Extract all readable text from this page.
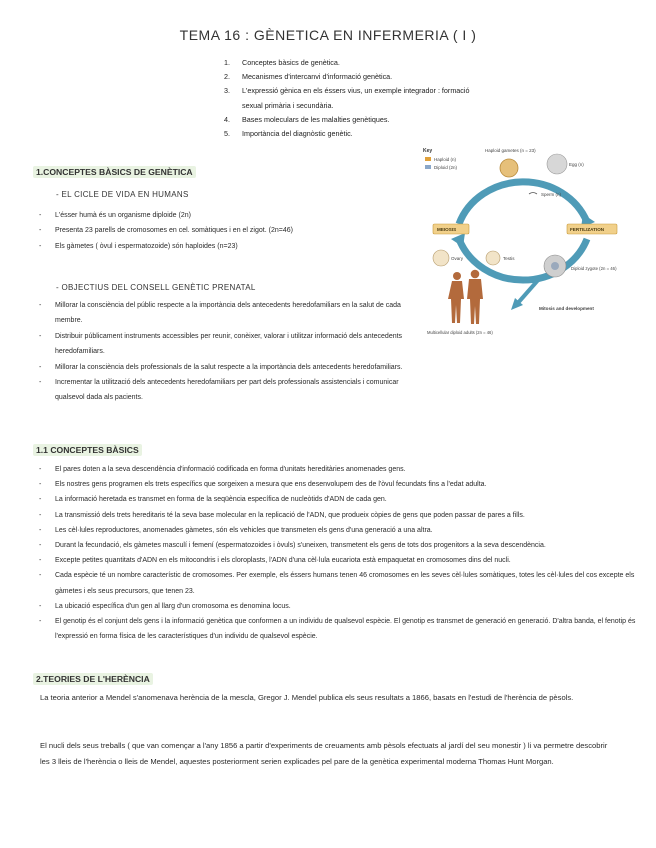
TEMA 16 : GÈNETICA EN INFERMERIA ( I )
1.	Conceptes bàsics de genètica.
2.	Mecanismes d'intercanvi d'informació genètica.
3.	L'expressió gènica en els éssers vius, un exemple integrador : formació sexual primària i secundària.
4.	Bases moleculars de les malalties genètiques.
5.	Importància del diagnòstic genètic.
1.CONCEPTES BÀSICS DE GENÈTICA
- EL CICLE DE VIDA EN HUMANS
- L'ésser humà és un organisme diploide (2n)
- Presenta 23 parells de cromosomes en cel. somàtiques i en el zigot. (2n=46)
- Els gàmetes ( òvul i espermatozoide) són haploides (n=23)
- OBJECTIUS DEL CONSELL GENÈTIC PRENATAL
- Millorar la consciència del públic respecte a la importància dels antecedents heredofamiliars en la salut de cada membre.
- Distribuir públicament instruments accessibles per reunir, conèixer, valorar i utilitzar informació dels antecedents heredofamiliars.
- Millorar la consciència dels professionals de la salut respecte a la importància dels antecedents heredofamiliars.
- Incrementar la utilització dels antecedents heredofamiliars per part dels professionals assistencials i comunicar qualsevol dada als pacients.
Key
Haploid (n)
Diploid (2n)
Haploid gametes (n = 23)
Egg (n)
Sperm (n)
MEIOSIS	FERTILIZATION
Ovary	Testis
Multicellular diploid adults (2n = 46)
Diploid zygote (2n = 46)
Mitosis and development
1.1 CONCEPTES BÀSICS
- El pares doten a la seva descendència d'informació codificada en forma d'unitats hereditàries anomenades gens.
- Els nostres gens programen els trets específics que sorgeixen a mesura que ens desenvolupem des de l'òvul fecundats fins a l'edat adulta.
- La informació heretada es transmet en forma de la seqüència específica de nucleòtids d'ADN de cada gen.
- La transmissió dels trets hereditaris té la seva base molecular en la replicació de l'ADN, que produeix còpies de gens que poden passar de pares a fills.
- Les cèl·lules reproductores, anomenades gàmetes, són els vehicles que transmeten els gens d'una generació a una altra.
- Durant la fecundació, els gàmetes masculí i femení (espermatozoides i òvuls) s'uneixen, transmetent els gens de tots dos progenitors a la seva descendència.
- Excepte petites quantitats d'ADN en els mitocondris i els cloroplasts, l'ADN d'una cèl·lula eucariota està empaquetat en cromosomes dins del nucli.
- Cada espècie té un nombre característic de cromosomes. Per exemple, els éssers humans tenen 46 cromosomes en les seves cèl·lules somàtiques, totes les cèl·lules del cos excepte els gàmetes i els seus precursors, que tenen 23.
- La ubicació específica d'un gen al llarg d'un cromosoma es denomina locus.
- El genotip és el conjunt dels gens i la informació genètica que conformen a un individu de qualsevol espècie. El genotip es transmet de generació en generació. D'altra banda, el fenotip és l'expressió en forma física de les característiques d'un individu de qualsevol espècie.
2.TEORIES DE L'HERÈNCIA
La teoria anterior a Mendel s'anomenava herència de la mescla, Gregor J. Mendel publica els seus resultats a 1866, basats en l'estudi de l'herència de pèsols.
El nucli dels seus treballs ( que van començar a l'any 1856 a partir d'experiments de creuaments amb pèsols efectuats al jardí del seu monestir ) li va permetre descobrir les 3 lleis de l'herència o lleis de Mendel, aquestes posteriorment serien explicades pel pare de la genètica experimental moderna Thomas Hunt Morgan.
